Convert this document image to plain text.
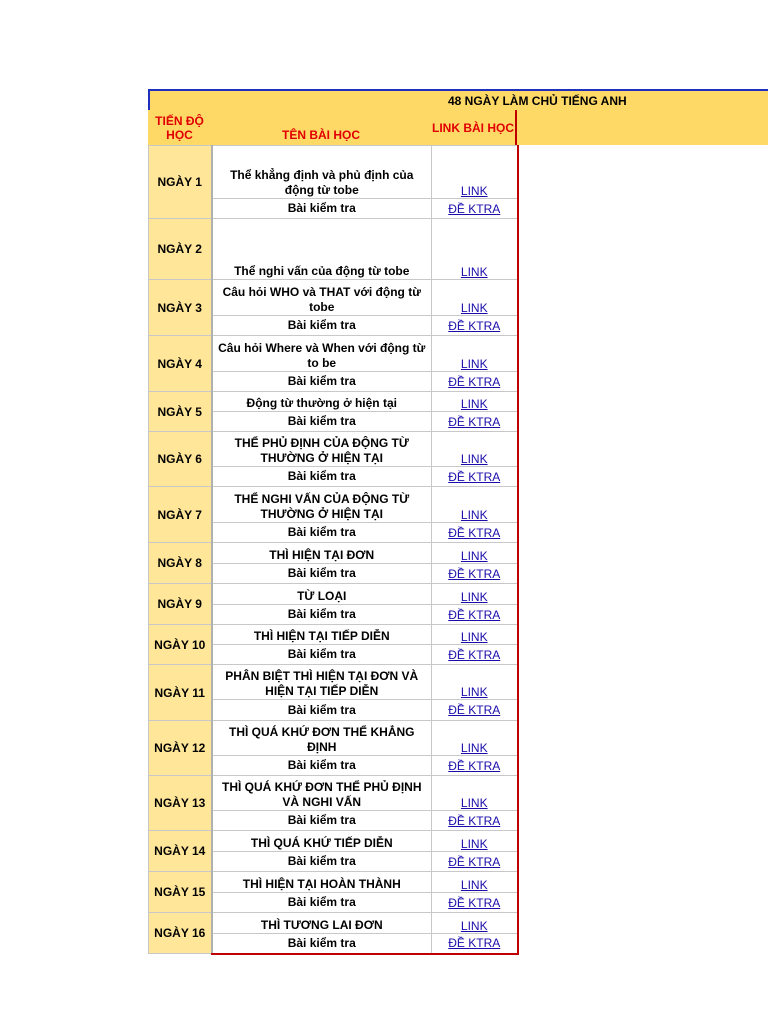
48 NGÀY LÀM CHỦ TIẾNG ANH
TIẾN ĐỘ HỌC	TÊN BÀI HỌC	LINK BÀI HỌC
NGÀY 1	Thể khẳng định và phủ định của động từ tobe	LINK
	Bài kiểm tra	ĐỀ KTRA
NGÀY 2	Thể nghi vấn của động từ tobe	LINK
NGÀY 3	Câu hỏi WHO và THAT với động từ tobe	LINK
	Bài kiểm tra	ĐỀ KTRA
NGÀY 4	Câu hỏi Where và When với động từ to be	LINK
	Bài kiểm tra	ĐỀ KTRA
NGÀY 5	Động từ thường ở hiện tại	LINK
	Bài kiểm tra	ĐỀ KTRA
NGÀY 6	THỂ PHỦ ĐỊNH CỦA ĐỘNG TỪ THƯỜNG Ở HIỆN TẠI	LINK
	Bài kiểm tra	ĐỀ KTRA
NGÀY 7	THỂ NGHI VẤN CỦA ĐỘNG TỪ THƯỜNG Ở HIỆN TẠI	LINK
	Bài kiểm tra	ĐỀ KTRA
NGÀY 8	THÌ HIỆN TẠI ĐƠN	LINK
	Bài kiểm tra	ĐỀ KTRA
NGÀY 9	TỪ LOẠI	LINK
	Bài kiểm tra	ĐỀ KTRA
NGÀY 10	THÌ HIỆN TẠI TIẾP DIỄN	LINK
	Bài kiểm tra	ĐỀ KTRA
NGÀY 11	PHÂN BIỆT THÌ HIỆN TẠI ĐƠN VÀ HIỆN TẠI TIẾP DIỄN	LINK
	Bài kiểm tra	ĐỀ KTRA
NGÀY 12	THÌ QUÁ KHỨ ĐƠN THỂ KHẲNG ĐỊNH	LINK
	Bài kiểm tra	ĐỀ KTRA
NGÀY 13	THÌ QUÁ KHỨ ĐƠN THỂ PHỦ ĐỊNH VÀ NGHI VẤN	LINK
	Bài kiểm tra	ĐỀ KTRA
NGÀY 14	THÌ QUÁ KHỨ TIẾP DIỄN	LINK
	Bài kiểm tra	ĐỀ KTRA
NGÀY 15	THÌ HIỆN TẠI HOÀN THÀNH	LINK
	Bài kiểm tra	ĐỀ KTRA
NGÀY 16	THÌ TƯƠNG LAI ĐƠN	LINK
	Bài kiểm tra	ĐỀ KTRA
